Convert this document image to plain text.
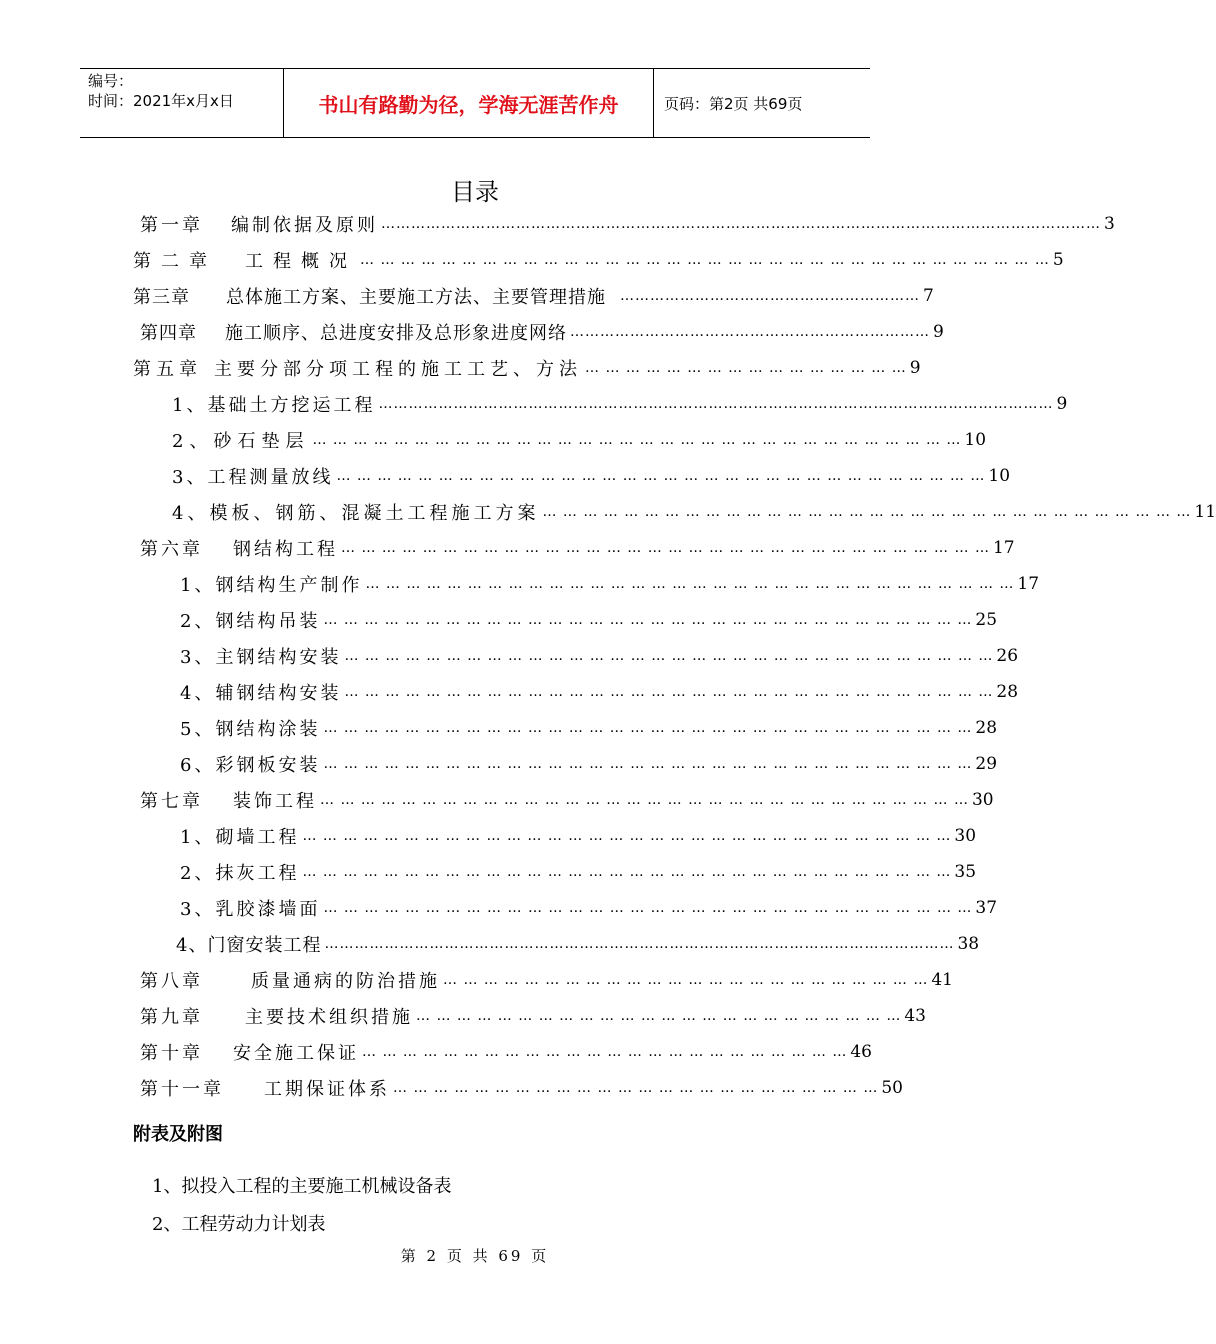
编号：
时间：2021年x月x日	书山有路勤为径，学海无涯苦作舟	页码：第2页 共69页
目录
第一章 编制依据及原则 ……………………………………………………………………………………………………………………………… 3
第二章 工程概况 … … … … … … … … … … … … … … … … … … … … … … … … … … … … … … … … … … 5
第三章 总体施工方案、主要施工方法、主要管理措施 …………………………………………………… 7
第四章 施工顺序、总进度安排及总形象进度网络 ……………………………………………………………… 9
第五章 主要分部分项工程的施工工艺、方法 … … … … … … … … … … … … … … … … 9
1、基础土方挖运工程 ……………………………………………………………………………………………………………………… 9
2、砂石垫层 … … … … … … … … … … … … … … … … … … … … … … … … … … … … … … … … 10
3、工程测量放线 … … … … … … … … … … … … … … … … … … … … … … … … … … … … … … … … 10
4、模板、钢筋、混凝土工程施工方案 … … … … … … … … … … … … … … … … … … … … … … … … … … … … … … … … 11
第六章 钢结构工程 … … … … … … … … … … … … … … … … … … … … … … … … … … … … … … … … 17
1、钢结构生产制作 … … … … … … … … … … … … … … … … … … … … … … … … … … … … … … … … 17
2、钢结构吊装 … … … … … … … … … … … … … … … … … … … … … … … … … … … … … … … … 25
3、主钢结构安装 … … … … … … … … … … … … … … … … … … … … … … … … … … … … … … … … 26
4、辅钢结构安装 … … … … … … … … … … … … … … … … … … … … … … … … … … … … … … … … 28
5、钢结构涂装 … … … … … … … … … … … … … … … … … … … … … … … … … … … … … … … … 28
6、彩钢板安装 … … … … … … … … … … … … … … … … … … … … … … … … … … … … … … … … 29
第七章 装饰工程 … … … … … … … … … … … … … … … … … … … … … … … … … … … … … … … … 30
1、砌墙工程 … … … … … … … … … … … … … … … … … … … … … … … … … … … … … … … … 30
2、抹灰工程 … … … … … … … … … … … … … … … … … … … … … … … … … … … … … … … … 35
3、乳胶漆墙面 … … … … … … … … … … … … … … … … … … … … … … … … … … … … … … … … 37
4、门窗安装工程 ……………………………………………………………………………………………………………… 38
第八章	质量通病的防治措施 … … … … … … … … … … … … … … … … … … … … … … … … 41
第九章 主要技术组织措施 … … … … … … … … … … … … … … … … … … … … … … … … 43
第十章 安全施工保证 … … … … … … … … … … … … … … … … … … … … … … … … 46
第十一章 工期保证体系 … … … … … … … … … … … … … … … … … … … … … … … … 50
附表及附图
1、拟投入工程的主要施工机械设备表
2、工程劳动力计划表
第 2 页 共 69 页
